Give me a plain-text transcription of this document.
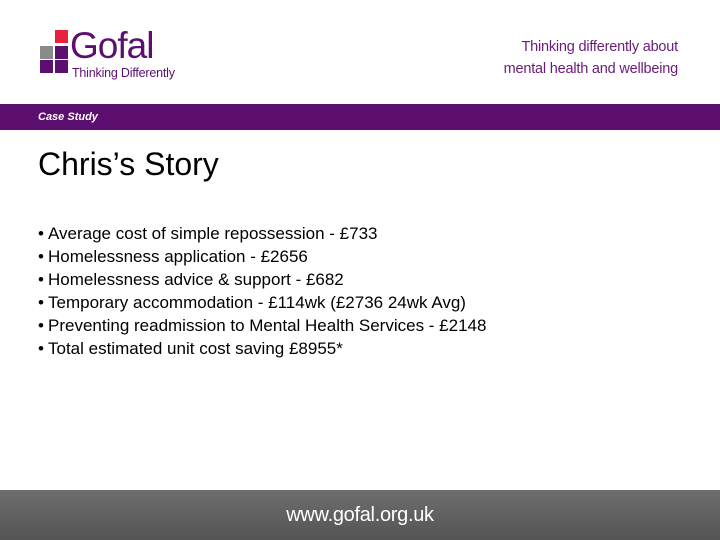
Gofal
Thinking Differently
Thinking differently about
mental health and wellbeing
Case Study
Chris’s Story
• Average cost of simple repossession - £733
• Homelessness application - £2656
• Homelessness advice & support - £682
• Temporary accommodation - £114wk (£2736 24wk Avg)
• Preventing readmission to Mental Health Services - £2148
• Total estimated unit cost saving £8955*
www.gofal.org.uk
